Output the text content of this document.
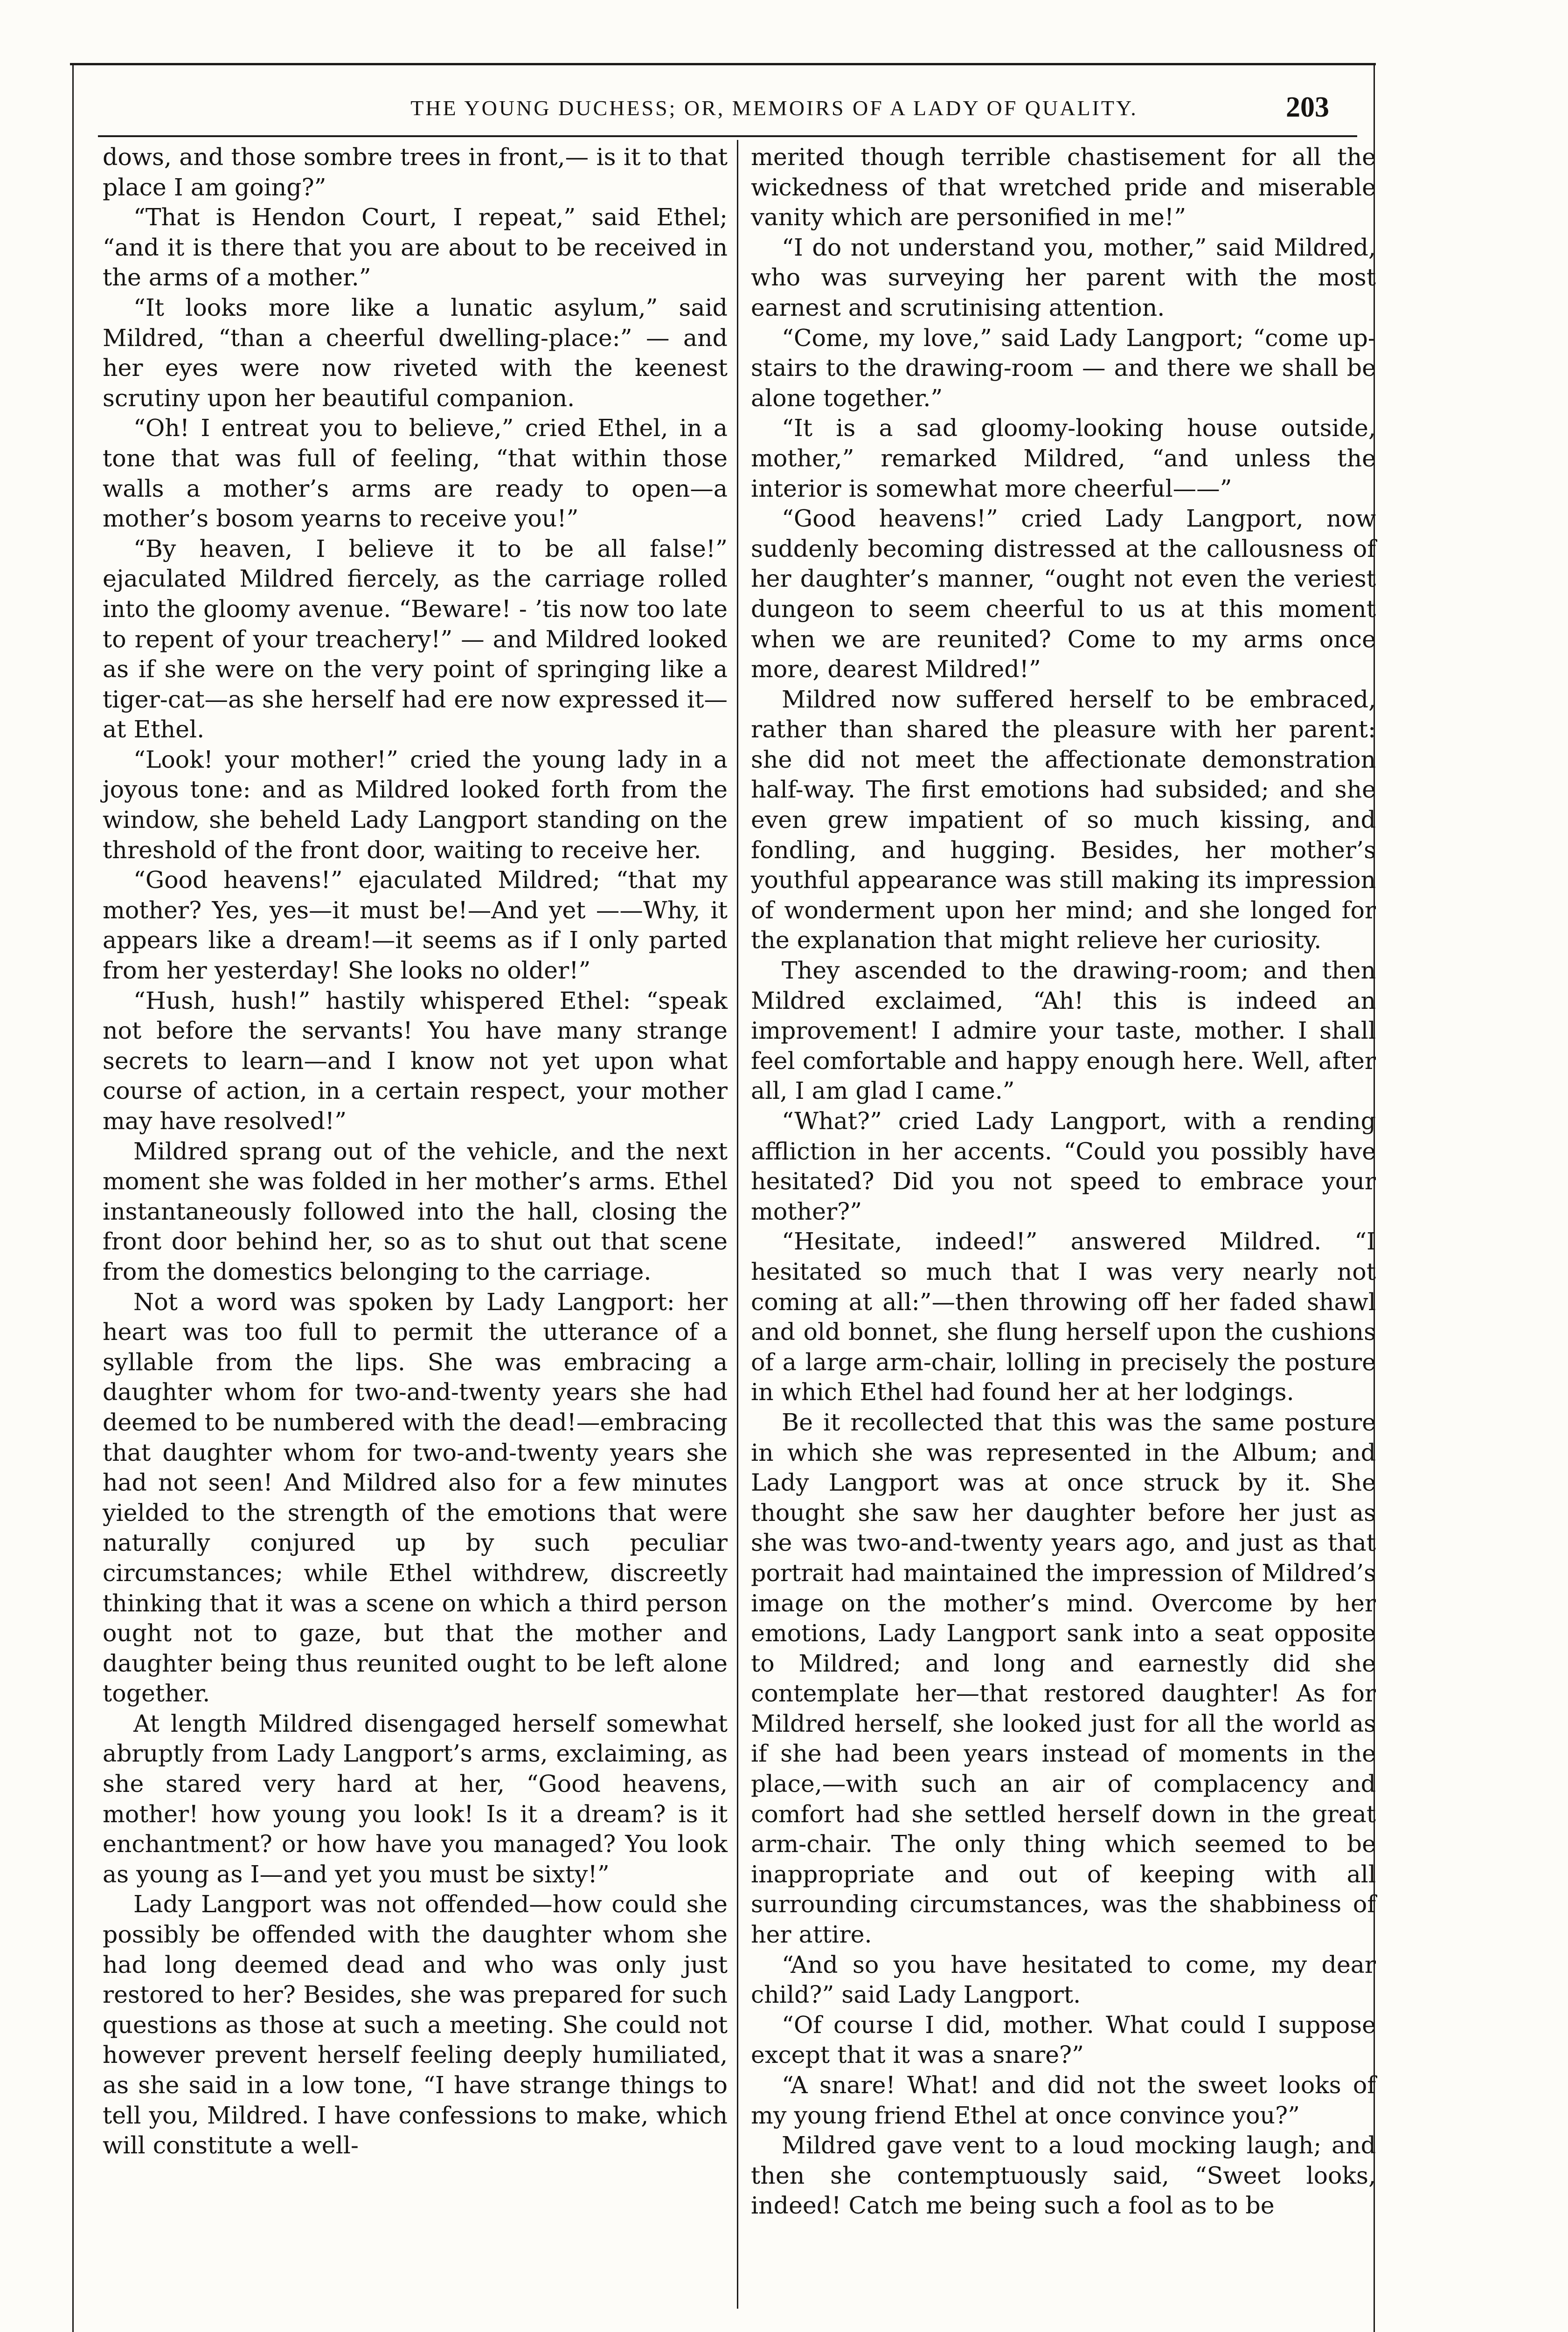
THE YOUNG DUCHESS; OR, MEMOIRS OF A LADY OF QUALITY.	203

dows, and those sombre trees in front,— is it to that place I am going?”

“That is Hendon Court, I repeat,” said Ethel; “and it is there that you are about to be received in the arms of a mother.”

“It looks more like a lunatic asylum,” said Mildred, “than a cheerful dwelling-place:” — and her eyes were now riveted with the keenest scrutiny upon her beautiful companion.

“Oh! I entreat you to believe,” cried Ethel, in a tone that was full of feeling, “that within those walls a mother’s arms are ready to open—a mother’s bosom yearns to receive you!”

“By heaven, I believe it to be all false!” ejaculated Mildred fiercely, as the carriage rolled into the gloomy avenue. “Beware! - ’tis now too late to repent of your treachery!” — and Mildred looked as if she were on the very point of springing like a tiger-cat—as she herself had ere now expressed it—at Ethel.

“Look! your mother!” cried the young lady in a joyous tone: and as Mildred looked forth from the window, she beheld Lady Langport standing on the threshold of the front door, waiting to receive her.

“Good heavens!” ejaculated Mildred; “that my mother? Yes, yes—it must be!—And yet ——Why, it appears like a dream!—it seems as if I only parted from her yesterday! She looks no older!”

“Hush, hush!” hastily whispered Ethel: “speak not before the servants! You have many strange secrets to learn—and I know not yet upon what course of action, in a certain respect, your mother may have resolved!”

Mildred sprang out of the vehicle, and the next moment she was folded in her mother’s arms. Ethel instantaneously followed into the hall, closing the front door behind her, so as to shut out that scene from the domestics belonging to the carriage.

Not a word was spoken by Lady Langport: her heart was too full to permit the utterance of a syllable from the lips. She was embracing a daughter whom for two-and-twenty years she had deemed to be numbered with the dead!—embracing that daughter whom for two-and-twenty years she had not seen! And Mildred also for a few minutes yielded to the strength of the emotions that were naturally conjured up by such peculiar circumstances; while Ethel withdrew, discreetly thinking that it was a scene on which a third person ought not to gaze, but that the mother and daughter being thus reunited ought to be left alone together.

At length Mildred disengaged herself somewhat abruptly from Lady Langport’s arms, exclaiming, as she stared very hard at her, “Good heavens, mother! how young you look! Is it a dream? is it enchantment? or how have you managed? You look as young as I—and yet you must be sixty!”

Lady Langport was not offended—how could she possibly be offended with the daughter whom she had long deemed dead and who was only just restored to her? Besides, she was prepared for such questions as those at such a meeting. She could not however prevent herself feeling deeply humiliated, as she said in a low tone, “I have strange things to tell you, Mildred. I have confessions to make, which will constitute a well-

merited though terrible chastisement for all the wickedness of that wretched pride and miserable vanity which are personified in me!”

“I do not understand you, mother,” said Mildred, who was surveying her parent with the most earnest and scrutinising attention.

“Come, my love,” said Lady Langport; “come up-stairs to the drawing-room — and there we shall be alone together.”

“It is a sad gloomy-looking house outside, mother,” remarked Mildred, “and unless the interior is somewhat more cheerful——”

“Good heavens!” cried Lady Langport, now suddenly becoming distressed at the callousness of her daughter’s manner, “ought not even the veriest dungeon to seem cheerful to us at this moment when we are reunited? Come to my arms once more, dearest Mildred!”

Mildred now suffered herself to be embraced, rather than shared the pleasure with her parent: she did not meet the affectionate demonstration half-way. The first emotions had subsided; and she even grew impatient of so much kissing, and fondling, and hugging. Besides, her mother’s youthful appearance was still making its impression of wonderment upon her mind; and she longed for the explanation that might relieve her curiosity.

They ascended to the drawing-room; and then Mildred exclaimed, “Ah! this is indeed an improvement! I admire your taste, mother. I shall feel comfortable and happy enough here. Well, after all, I am glad I came.”

“What?” cried Lady Langport, with a rending affliction in her accents. “Could you possibly have hesitated? Did you not speed to embrace your mother?”

“Hesitate, indeed!” answered Mildred. “I hesitated so much that I was very nearly not coming at all:”—then throwing off her faded shawl and old bonnet, she flung herself upon the cushions of a large arm-chair, lolling in precisely the posture in which Ethel had found her at her lodgings.

Be it recollected that this was the same posture in which she was represented in the Album; and Lady Langport was at once struck by it. She thought she saw her daughter before her just as she was two-and-twenty years ago, and just as that portrait had maintained the impression of Mildred’s image on the mother’s mind. Overcome by her emotions, Lady Langport sank into a seat opposite to Mildred; and long and earnestly did she contemplate her—that restored daughter! As for Mildred herself, she looked just for all the world as if she had been years instead of moments in the place,—with such an air of complacency and comfort had she settled herself down in the great arm-chair. The only thing which seemed to be inappropriate and out of keeping with all surrounding circumstances, was the shabbiness of her attire.

“And so you have hesitated to come, my dear child?” said Lady Langport.

“Of course I did, mother. What could I suppose except that it was a snare?”

“A snare! What! and did not the sweet looks of my young friend Ethel at once convince you?”

Mildred gave vent to a loud mocking laugh; and then she contemptuously said, “Sweet looks, indeed! Catch me being such a fool as to be
